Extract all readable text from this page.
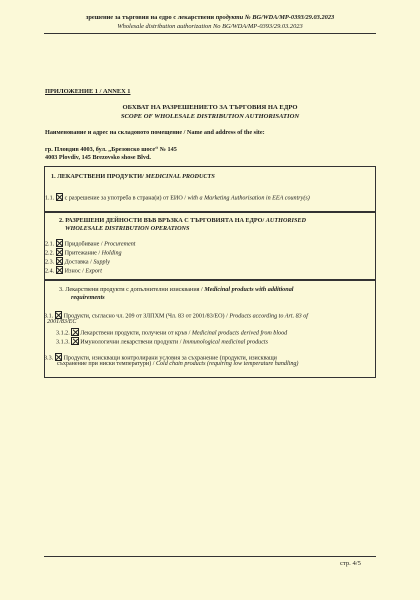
зрешение за търговия на едро с лекарствени продукти № BG/WDA/MP-0393/29.03.2023
Wholesale distribution authorization No BG/WDA/MP-0393/29.03.2023
ПРИЛОЖЕНИЕ 1 / ANNEX 1
ОБХВАТ НА РАЗРЕШЕНИЕТО ЗА ТЪРГОВИЯ НА ЕДРО
SCOPE OF WHOLESALE DISTRIBUTION AUTHORISATION
Наименование и адрес на складовото помещение / Name and address of the site:
гр. Пловдив 4003, бул. „Брезовско шосе“ № 145
4003 Plovdiv, 145 Brezovsko shose Blvd.
1. ЛЕКАРСТВЕНИ ПРОДУКТИ/ MEDICINAL PRODUCTS
1.1. с разрешение за употреба в страна(и) от ЕИО / with a Marketing Authorisation in EEA country(s)
2. РАЗРЕШЕНИ ДЕЙНОСТИ ВЪВ ВРЪЗКА С ТЪРГОВИЯТА НА ЕДРО/ AUTHORISED
WHOLESALE DISTRIBUTION OPERATIONS
2.1. Придобиване / Procurement
2.2. Притежание / Holding
2.3. Доставка / Supply
2.4. Износ / Export
3. Лекарствени продукти с допълнителни изисквания / Medicinal products with additional
requirements
3.1. Продукти, съгласно чл. 209 от ЗЛПХМ (Чл. 83 от 2001/83/ЕО) / Products according to Art. 83 of
2001/83/EC
3.1.2. Лекарствени продукти, получени от кръв / Medicinal products derived from blood
3.1.3. Имунологични лекарствени продукти / Immunological medicinal products
3.3. Продукти, изискващи контролирани условия за съхранение (продукти, изискващи
съхранение при ниски температури) / Cold chain products (requiring low temperature handling)
стр. 4/5
